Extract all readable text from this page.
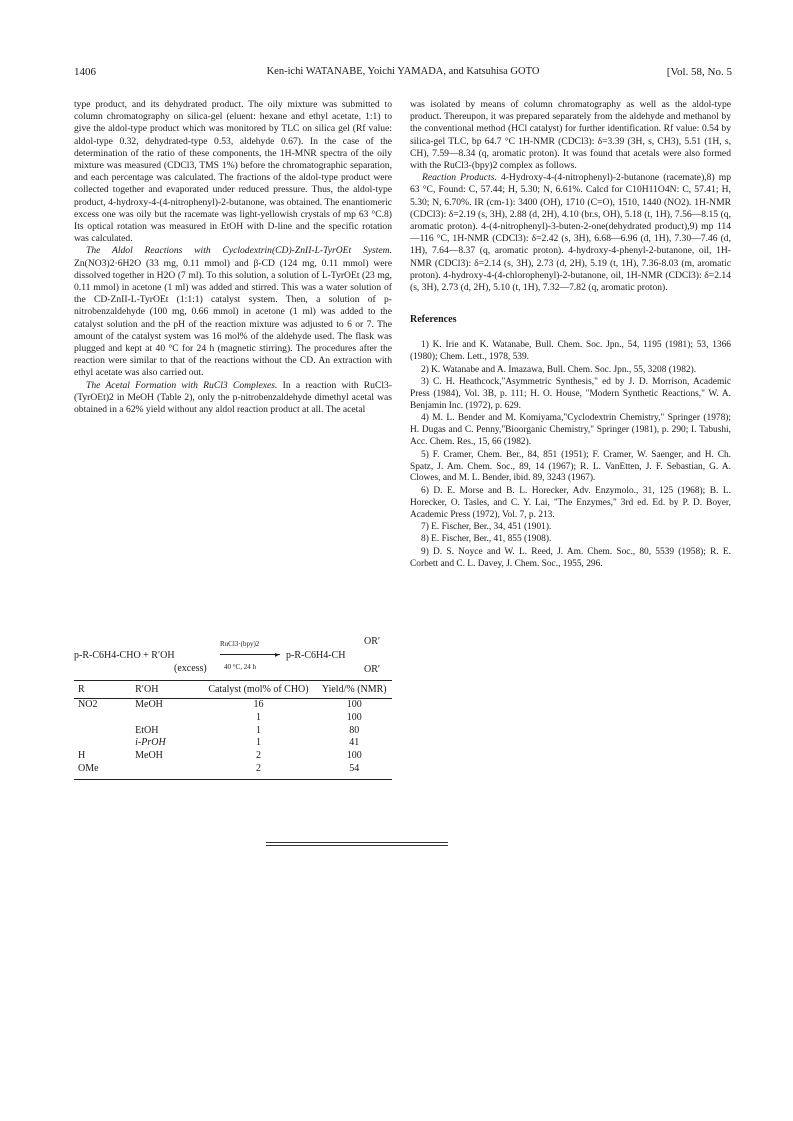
1406	Ken-ichi WATANABE, Yoichi YAMADA, and Katsuhisa GOTO	[Vol. 58, No. 5

type product, and its dehydrated product. The oily mixture was submitted to column chromatography on silica-gel (eluent: hexane and ethyl acetate, 1:1) to give the aldol-type product which was monitored by TLC on silica gel (Rf value: aldol-type 0.32, dehydrated-type 0.53, aldehyde 0.67). In the case of the determination of the ratio of these components, the 1H-MNR spectra of the oily mixture was measured (CDCl3, TMS 1%) before the chromatographic separation, and each percentage was calculated. The fractions of the aldol-type product were collected together and evaporated under reduced pressure. Thus, the aldol-type product, 4-hydroxy-4-(4-nitrophenyl)-2-butanone, was obtained. The enantiomeric excess one was oily but the racemate was light-yellowish crystals of mp 63 °C.8) Its optical rotation was measured in EtOH with D-line and the specific rotation was calculated.

The Aldol Reactions with Cyclodextrin(CD)-ZnII-L-TyrOEt System. Zn(NO3)2·6H2O (33 mg, 0.11 mmol) and β-CD (124 mg, 0.11 mmol) were dissolved together in H2O (7 ml). To this solution, a solution of L-TyrOEt (23 mg, 0.11 mmol) in acetone (1 ml) was added and stirred. This was a water solution of the CD-ZnII-L-TyrOEt (1:1:1) catalyst system. Then, a solution of p-nitrobenzaldehyde (100 mg, 0.66 mmol) in acetone (1 ml) was added to the catalyst solution and the pH of the reaction mixture was adjusted to 6 or 7. The amount of the catalyst system was 16 mol% of the aldehyde used. The flask was plugged and kept at 40 °C for 24 h (magnetic stirring). The procedures after the reaction were similar to that of the reactions without the CD. An extraction with ethyl acetate was also carried out.

The Acetal Formation with RuCl3 Complexes. In a reaction with RuCl3-(TyrOEt)2 in MeOH (Table 2), only the p-nitrobenzaldehyde dimethyl acetal was obtained in a 62% yield without any aldol reaction product at all. The acetal

p-R-C6H4-CHO + R′OH
(excess)
RuCl3·(bpy)2
▸
40 °C, 24 h
p-R-C6H4-CH
OR′
OR′
R	R′OH	Catalyst (mol% of CHO)	Yield/% (NMR)
NO2	MeOH	16	100
		1	100
	EtOH	1	80
	i-PrOH	1	41
H	MeOH	2	100
OMe		2	54

was isolated by means of column chromatography as well as the aldol-type product. Thereupon, it was prepared separately from the aldehyde and methanol by the conventional method (HCl catalyst) for further identification. Rf value: 0.54 by silica-gel TLC, bp 64.7 °C 1H-NMR (CDCl3): δ=3.39 (3H, s, CH3), 5.51 (1H, s, CH), 7.59—8.34 (q, aromatic proton). It was found that acetals were also formed with the RuCl3-(bpy)2 complex as follows.

Reaction Products. 4-Hydroxy-4-(4-nitrophenyl)-2-butanone (racemate),8) mp 63 °C, Found: C, 57.44; H, 5.30; N, 6.61%. Calcd for C10H11O4N: C, 57.41; H, 5.30; N, 6.70%. IR (cm-1): 3400 (OH), 1710 (C=O), 1510, 1440 (NO2). 1H-NMR (CDCl3): δ=2.19 (s, 3H), 2.88 (d, 2H), 4.10 (br.s, OH), 5.18 (t, 1H), 7.56—8.15 (q, aromatic proton). 4-(4-nitrophenyl)-3-buten-2-one(dehydrated product),9) mp 114—116 °C, 1H-NMR (CDCl3): δ=2.42 (s, 3H), 6.68—6.96 (d, 1H), 7.30—7.46 (d, 1H), 7.64—8.37 (q, aromatic proton). 4-hydroxy-4-phenyl-2-butanone, oil, 1H-NMR (CDCl3): δ=2.14 (s, 3H), 2.73 (d, 2H), 5.19 (t, 1H), 7.36-8.03 (m, aromatic proton). 4-hydroxy-4-(4-chlorophenyl)-2-butanone, oil, 1H-NMR (CDCl3): δ=2.14 (s, 3H), 2.73 (d, 2H), 5.10 (t, 1H), 7.32—7.82 (q, aromatic proton).

References

1) K. Irie and K. Watanabe, Bull. Chem. Soc. Jpn., 54, 1195 (1981); 53, 1366 (1980); Chem. Lett., 1978, 539.

2) K. Watanabe and A. Imazawa, Bull. Chem. Soc. Jpn., 55, 3208 (1982).

3) C. H. Heathcock,"Asymmetric Synthesis," ed by J. D. Morrison, Academic Press (1984), Vol. 3B, p. 111; H. O. House, "Modern Synthetic Reactions," W. A. Benjamin Inc. (1972), p. 629.

4) M. L. Bender and M. Komiyama,"Cyclodextrin Chemistry," Springer (1978); H. Dugas and C. Penny,"Bioorganic Chemistry," Springer (1981), p. 290; I. Tabushi, Acc. Chem. Res., 15, 66 (1982).

5) F. Cramer, Chem. Ber., 84, 851 (1951); F. Cramer, W. Saenger, and H. Ch. Spatz, J. Am. Chem. Soc., 89, 14 (1967); R. L. VanEtten, J. F. Sebastian, G. A. Clowes, and M. L. Bender, ibid. 89, 3243 (1967).

6) D. E. Morse and B. L. Horecker, Adv. Enzymolo., 31, 125 (1968); B. L. Horecker, O. Tasles, and C. Y. Lai, "The Enzymes," 3rd ed. Ed. by P. D. Boyer, Academic Press (1972), Vol. 7, p. 213.

7) E. Fischer, Ber., 34, 451 (1901).

8) E. Fischer, Ber., 41, 855 (1908).

9) D. S. Noyce and W. L. Reed, J. Am. Chem. Soc., 80, 5539 (1958); R. E. Corbett and C. L. Davey, J. Chem. Soc., 1955, 296.
